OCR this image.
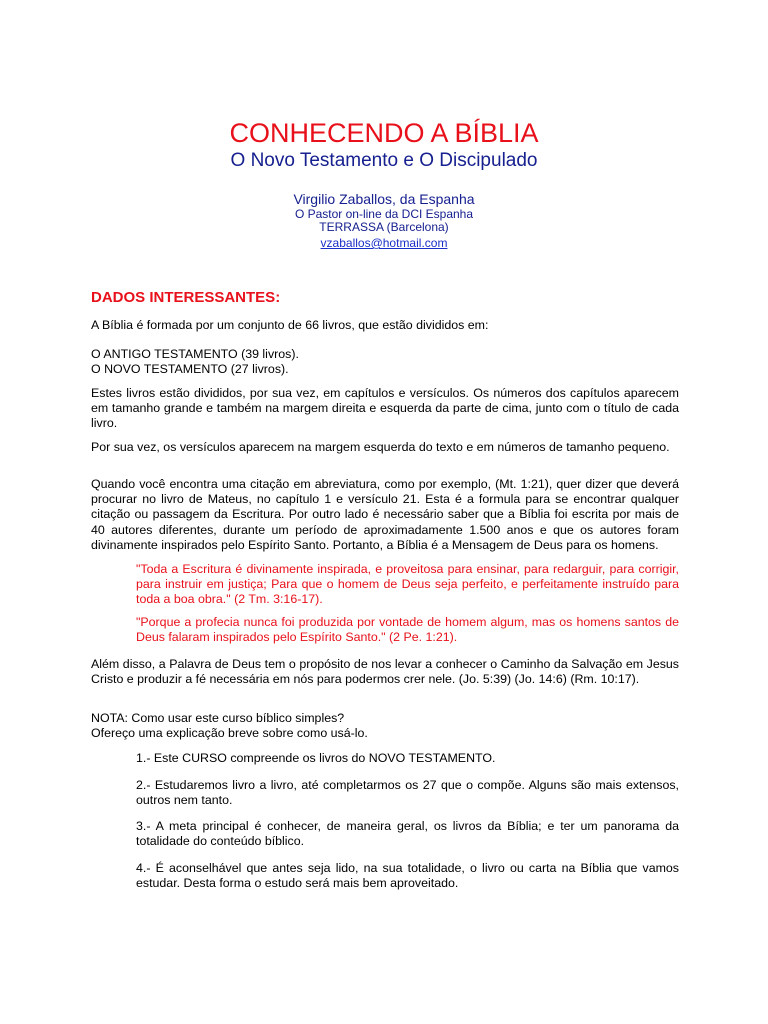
CONHECENDO A BÍBLIA
O Novo Testamento e O Discipulado
Virgilio Zaballos, da Espanha
O Pastor on-line da DCI Espanha
TERRASSA (Barcelona)
vzaballos@hotmail.com
DADOS INTERESSANTES:

A Bíblia é formada por um conjunto de 66 livros, que estão divididos em:

O ANTIGO TESTAMENTO (39 livros).
O NOVO TESTAMENTO (27 livros).

Estes livros estão divididos, por sua vez, em capítulos e versículos. Os números dos capítulos aparecem em tamanho grande e também na margem direita e esquerda da parte de cima, junto com o título de cada livro.

Por sua vez, os versículos aparecem na margem esquerda do texto e em números de tamanho pequeno.

Quando você encontra uma citação em abreviatura, como por exemplo, (Mt. 1:21), quer dizer que deverá procurar no livro de Mateus, no capítulo 1 e versículo 21. Esta é a formula para se encontrar qualquer citação ou passagem da Escritura. Por outro lado é necessário saber que a Bíblia foi escrita por mais de 40 autores diferentes, durante um período de aproximadamente 1.500 anos e que os autores foram divinamente inspirados pelo Espírito Santo. Portanto, a Bíblia é a Mensagem de Deus para os homens.

"Toda a Escritura é divinamente inspirada, e proveitosa para ensinar, para redarguir, para corrigir, para instruir em justiça; Para que o homem de Deus seja perfeito, e perfeitamente instruído para toda a boa obra." (2 Tm. 3:16-17).

"Porque a profecia nunca foi produzida por vontade de homem algum, mas os homens santos de Deus falaram inspirados pelo Espírito Santo." (2 Pe. 1:21).

Além disso, a Palavra de Deus tem o propósito de nos levar a conhecer o Caminho da Salvação em Jesus Cristo e produzir a fé necessária em nós para podermos crer nele. (Jo. 5:39) (Jo. 14:6) (Rm. 10:17).

NOTA: Como usar este curso bíblico simples?
Ofereço uma explicação breve sobre como usá-lo.

1.- Este CURSO compreende os livros do NOVO TESTAMENTO.

2.- Estudaremos livro a livro, até completarmos os 27 que o compõe. Alguns são mais extensos, outros nem tanto.

3.- A meta principal é conhecer, de maneira geral, os livros da Bíblia; e ter um panorama da totalidade do conteúdo bíblico.

4.- É aconselhável que antes seja lido, na sua totalidade, o livro ou carta na Bíblia que vamos estudar. Desta forma o estudo será mais bem aproveitado.
